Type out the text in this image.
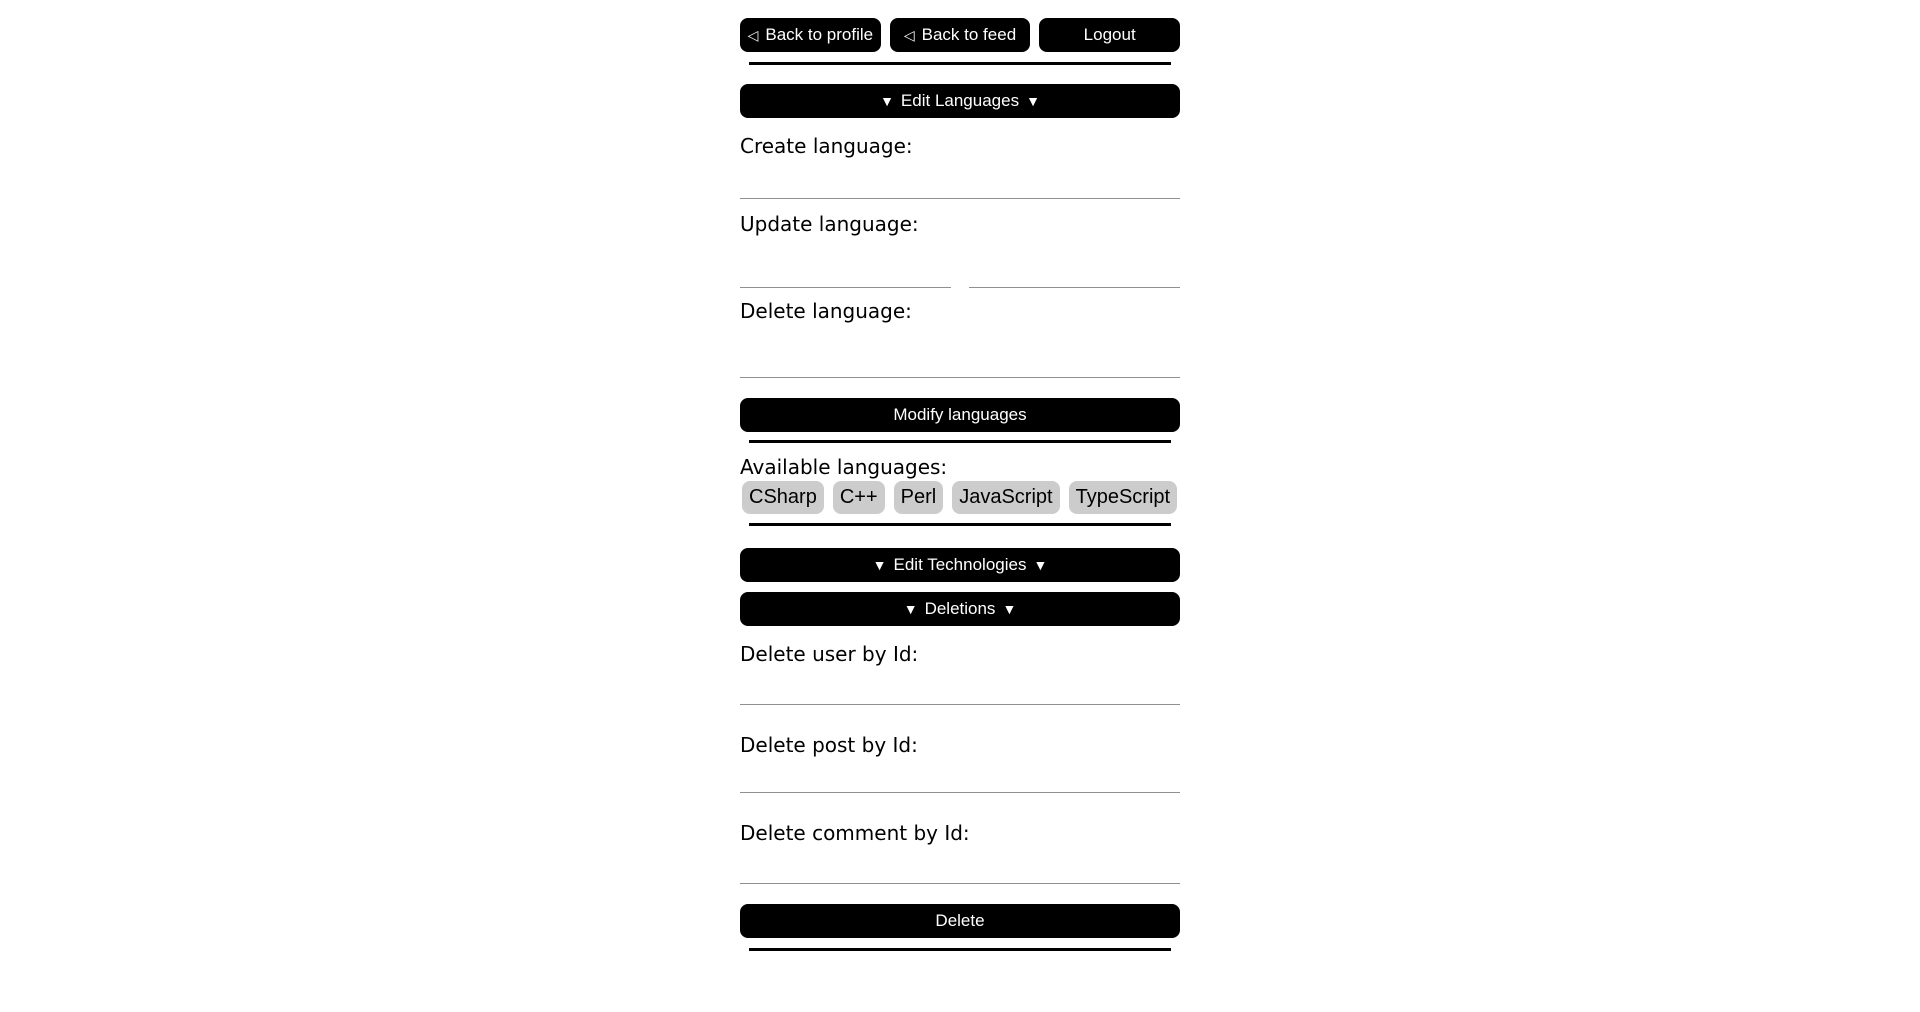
◁ Back to profile ◁ Back to feed	Logout
▼ Edit Languages ▼
Create language:
Update language:
Delete language:
Modify languages
Available languages:
CSharp	C++	Perl	JavaScript	TypeScript
▼ Edit Technologies ▼
▼ Deletions ▼
Delete user by Id:
Delete post by Id:
Delete comment by Id:
Delete
